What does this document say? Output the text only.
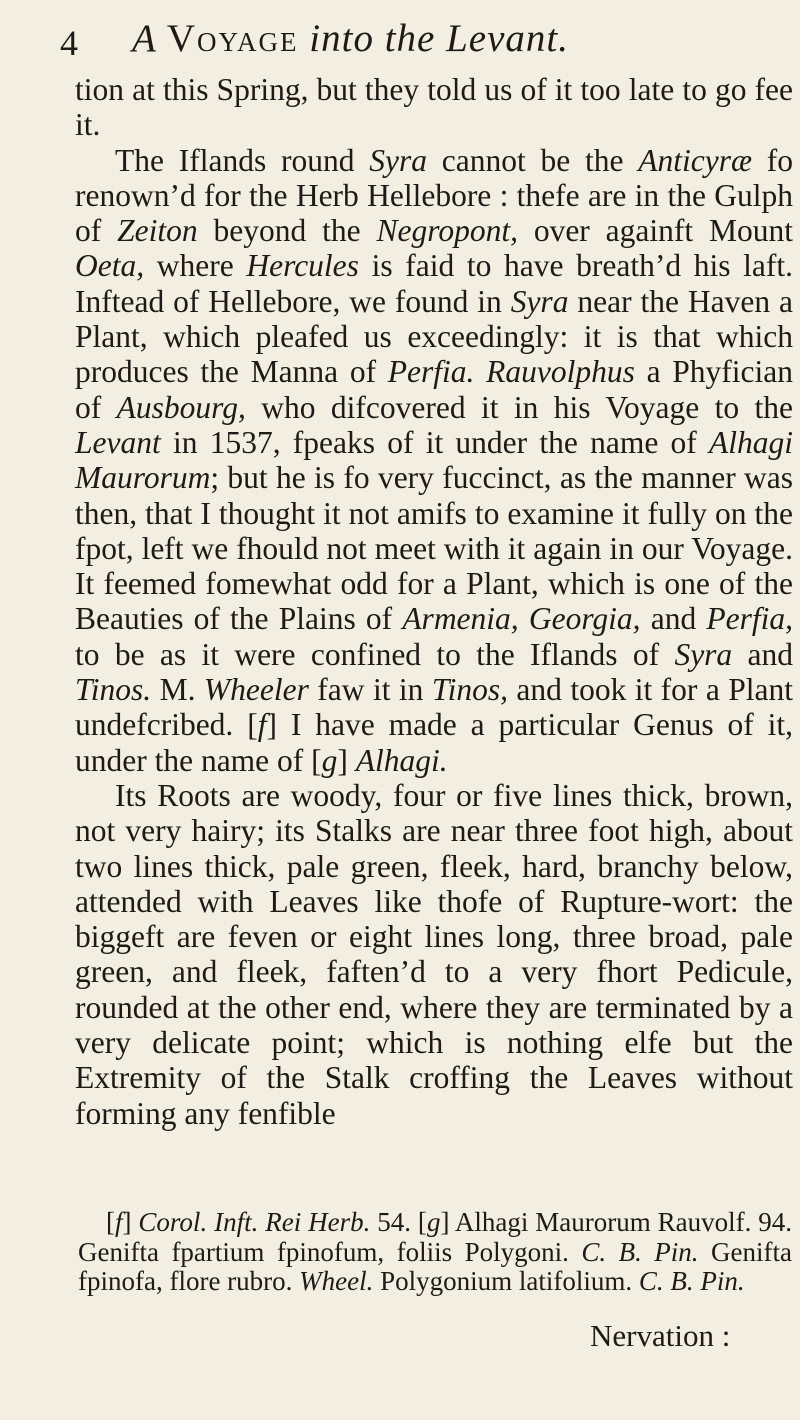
4 A Voyage into the Levant.

tion at this Spring, but they told us of it too late to go fee it.

The Iflands round Syra cannot be the Anticyræ fo renown’d for the Herb Hellebore : thefe are in the Gulph of Zeiton beyond the Negropont, over againft Mount Oeta, where Hercules is faid to have breath’d his laft. Inftead of Hellebore, we found in Syra near the Haven a Plant, which pleafed us exceedingly: it is that which produces the Manna of Perfia. Rauvolphus a Phyfician of Ausbourg, who difcovered it in his Voyage to the Levant in 1537, fpeaks of it under the name of Alhagi Maurorum; but he is fo very fuccinct, as the manner was then, that I thought it not amifs to examine it fully on the fpot, left we fhould not meet with it again in our Voyage. It feemed fomewhat odd for a Plant, which is one of the Beauties of the Plains of Armenia, Georgia, and Perfia, to be as it were confined to the Iflands of Syra and Tinos. M. Wheeler faw it in Tinos, and took it for a Plant undefcribed. [f] I have made a particular Genus of it, under the name of [g] Alhagi.

Its Roots are woody, four or five lines thick, brown, not very hairy; its Stalks are near three foot high, about two lines thick, pale green, fleek, hard, branchy below, attended with Leaves like thofe of Rupture-wort: the biggeft are feven or eight lines long, three broad, pale green, and fleek, faften’d to a very fhort Pedicule, rounded at the other end, where they are terminated by a very delicate point; which is nothing elfe but the Extremity of the Stalk croffing the Leaves without forming any fenfible

[f] Corol. Inft. Rei Herb. 54. [g] Alhagi Maurorum Rauvolf. 94. Genifta fpartium fpinofum, foliis Polygoni. C. B. Pin. Genifta fpinofa, flore rubro. Wheel. Polygonium latifolium. C. B. Pin.

Nervation :
